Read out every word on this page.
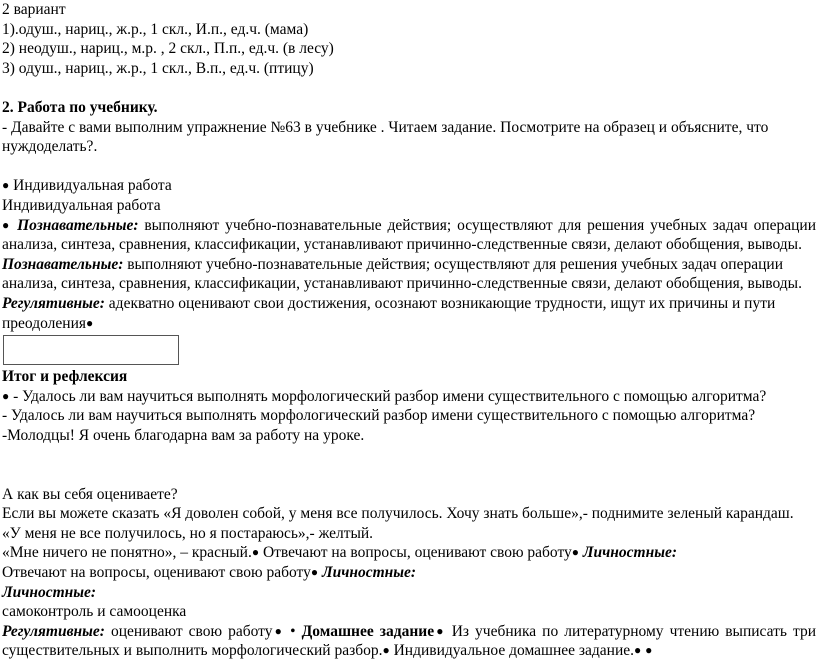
2 вариант
1).одуш., нариц., ж.р., 1 скл., И.п., ед.ч. (мама)
2) неодуш., нариц., м.р. , 2 скл., П.п., ед.ч. (в лесу)
3) одуш., нариц., ж.р., 1 скл., В.п., ед.ч. (птицу)
2. Работа по учебнику.
- Давайте с вами выполним упражнение №63 в учебнике . Читаем задание. Посмотрите на образец и объясните, что
нуждоделать?.
● Индивидуальная работа
Индивидуальная работа
● Познавательные: выполняют учебно-познавательные действия; осуществляют для решения учебных задач операции
анализа, синтеза, сравнения, классификации, устанавливают причинно-следственные связи, делают обобщения, выводы.
Познавательные: выполняют учебно-познавательные действия; осуществляют для решения учебных задач операции
анализа, синтеза, сравнения, классификации, устанавливают причинно-следственные связи, делают обобщения, выводы.
Регулятивные: адекватно оценивают свои достижения, осознают возникающие трудности, ищут их причины и пути
преодоления●
Итог и рефлексия
● - Удалось ли вам научиться выполнять морфологический разбор имени существительного с помощью алгоритма?
- Удалось ли вам научиться выполнять морфологический разбор имени существительного с помощью алгоритма?
-Молодцы! Я очень благодарна вам за работу на уроке.
А как вы себя оцениваете?
Если вы можете сказать «Я доволен собой, у меня все получилось. Хочу знать больше»,- поднимите зеленый карандаш.
«У меня не все получилось, но я постараюсь»,- желтый.
«Мне ничего не понятно», – красный.● Отвечают на вопросы, оценивают свою работу● Личностные:
Отвечают на вопросы, оценивают свою работу● Личностные:
Личностные:
самоконтроль и самооценка
Регулятивные: оценивают свою работу● • Домашнее задание● Из учебника по литературному чтению выписать три
существительных и выполнить морфологический разбор.● Индивидуальное домашнее задание.● ●
